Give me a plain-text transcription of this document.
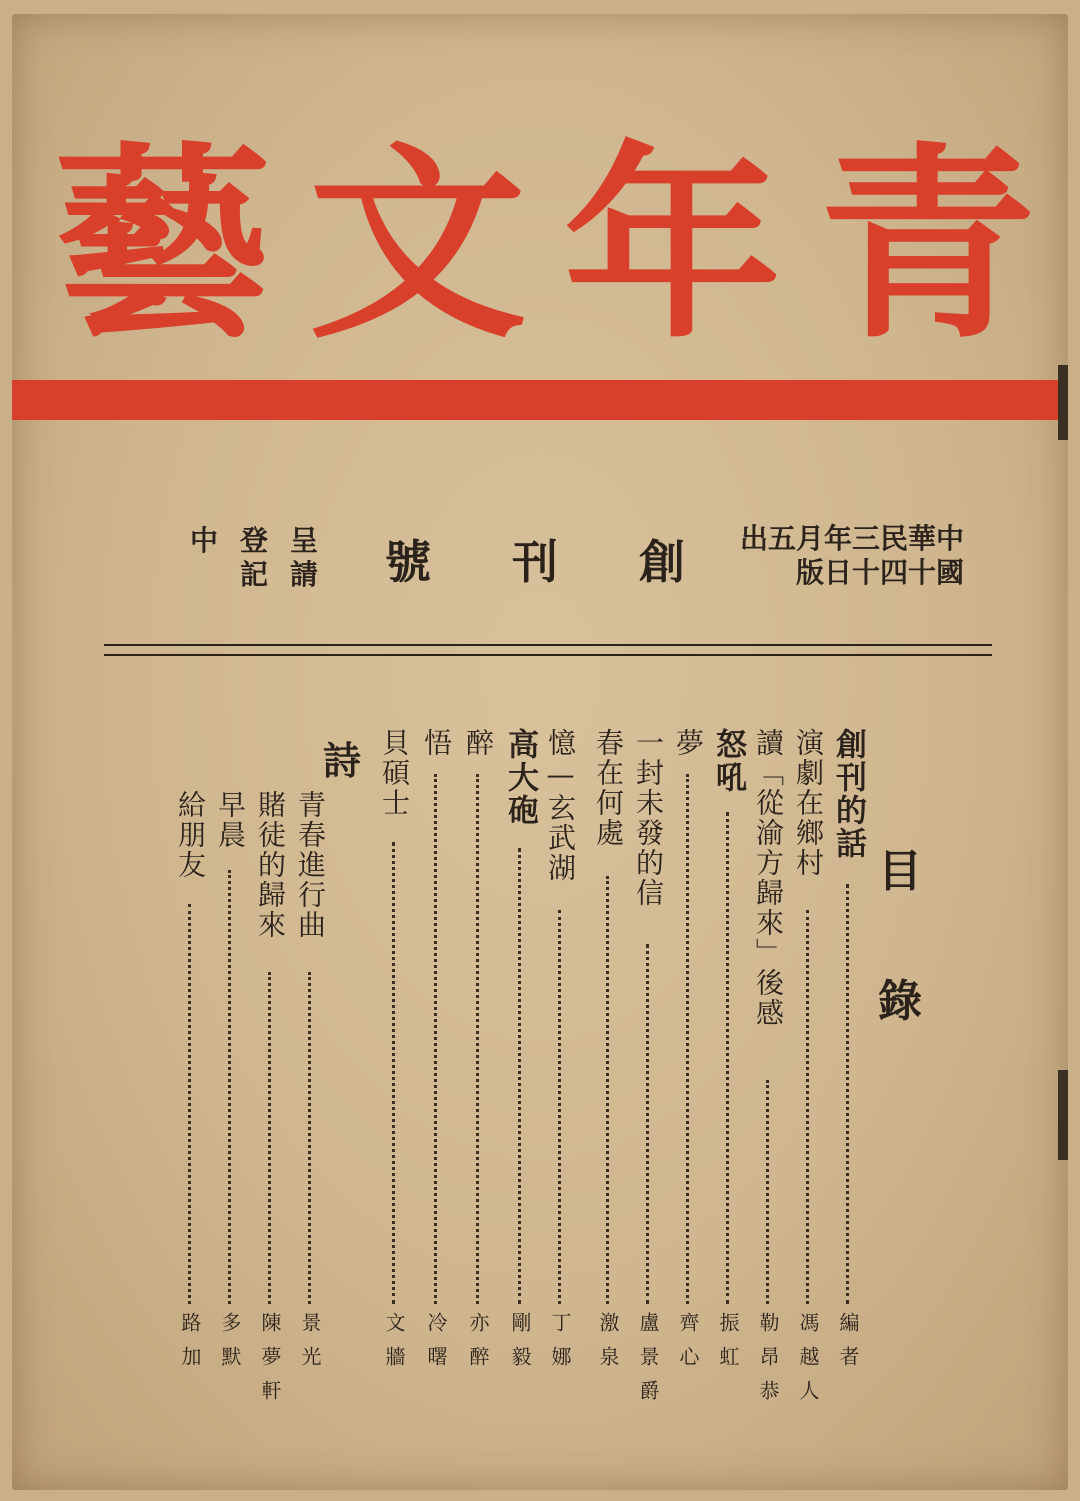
藝 文 年 青
中華民三年月五出
國十四十日版
號 刊 創
呈登中
請記
目
錄
詩	創刊的話
編者
演劇在鄉村
馮越人
讀「從渝方歸來」後感
勒昂恭
怒吼
振虹
夢
齊心
一封未發的信
盧景爵
春在何處
激泉
憶—玄武湖
丁娜
高大砲
剛毅
醉
亦醉
悟
冷曙
貝碩士
文牆
青春進行曲
景光
賭徒的歸來
陳夢軒
早晨
多默
給朋友
路加
